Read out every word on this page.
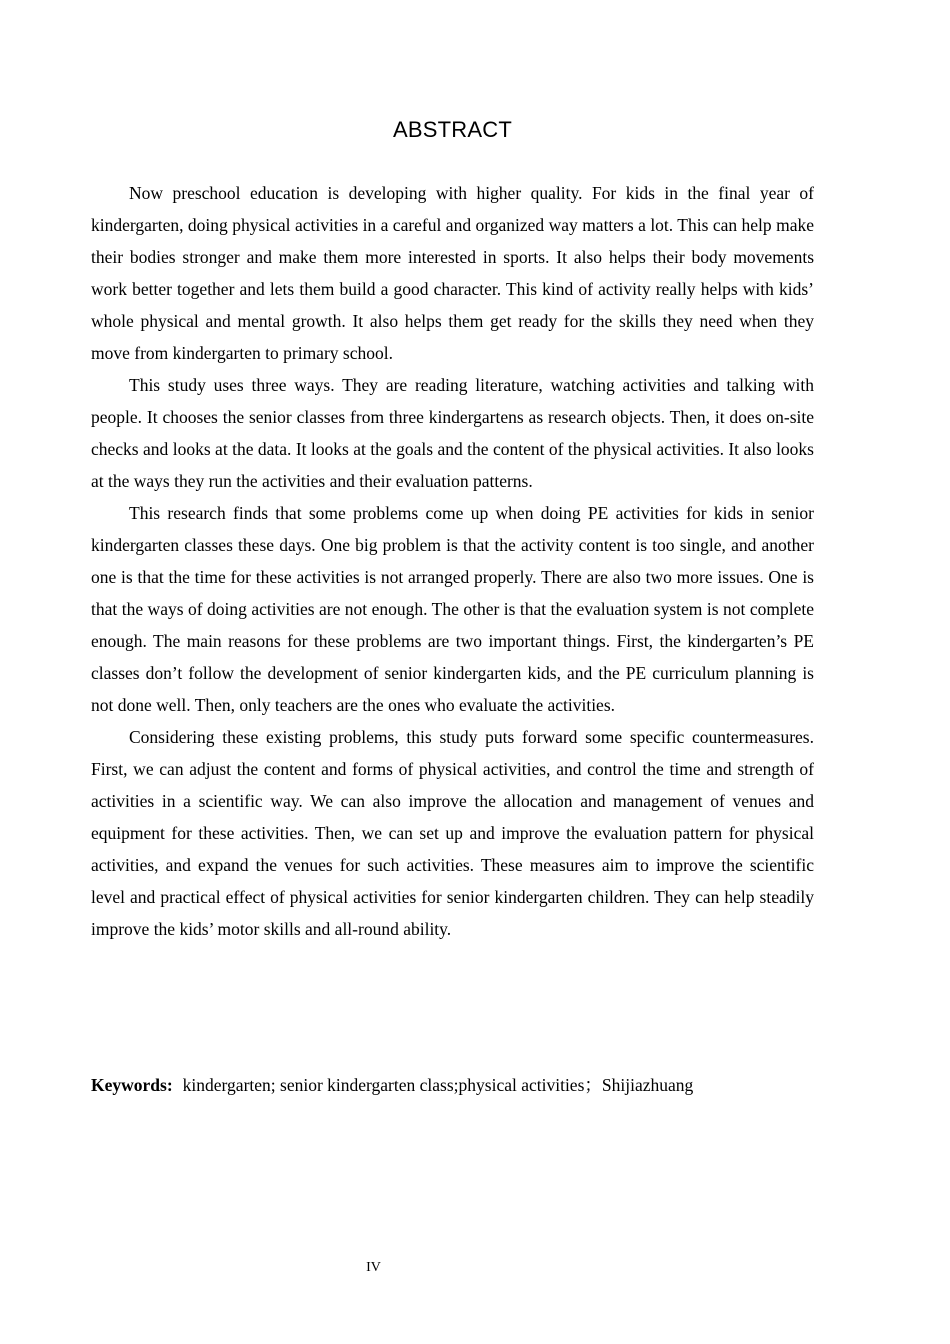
ABSTRACT

Now preschool education is developing with higher quality. For kids in the final year of kindergarten, doing physical activities in a careful and organized way matters a lot. This can help make their bodies stronger and make them more interested in sports. It also helps their body movements work better together and lets them build a good character. This kind of activity really helps with kids’ whole physical and mental growth. It also helps them get ready for the skills they need when they move from kindergarten to primary school.

This study uses three ways. They are reading literature, watching activities and talking with people. It chooses the senior classes from three kindergartens as research objects. Then, it does on-site checks and looks at the data. It looks at the goals and the content of the physical activities. It also looks at the ways they run the activities and their evaluation patterns.

This research finds that some problems come up when doing PE activities for kids in senior kindergarten classes these days. One big problem is that the activity content is too single, and another one is that the time for these activities is not arranged properly. There are also two more issues. One is that the ways of doing activities are not enough. The other is that the evaluation system is not complete enough. The main reasons for these problems are two important things. First, the kindergarten’s PE classes don’t follow the development of senior kindergarten kids, and the PE curriculum planning is not done well. Then, only teachers are the ones who evaluate the activities.

Considering these existing problems, this study puts forward some specific countermeasures. First, we can adjust the content and forms of physical activities, and control the time and strength of activities in a scientific way. We can also improve the allocation and management of venues and equipment for these activities. Then, we can set up and improve the evaluation pattern for physical activities, and expand the venues for such activities. These measures aim to improve the scientific level and practical effect of physical activities for senior kindergarten children. They can help steadily improve the kids’ motor skills and all-round ability.

Keywords: kindergarten; senior kindergarten class;physical activities；Shijiazhuang
IV
